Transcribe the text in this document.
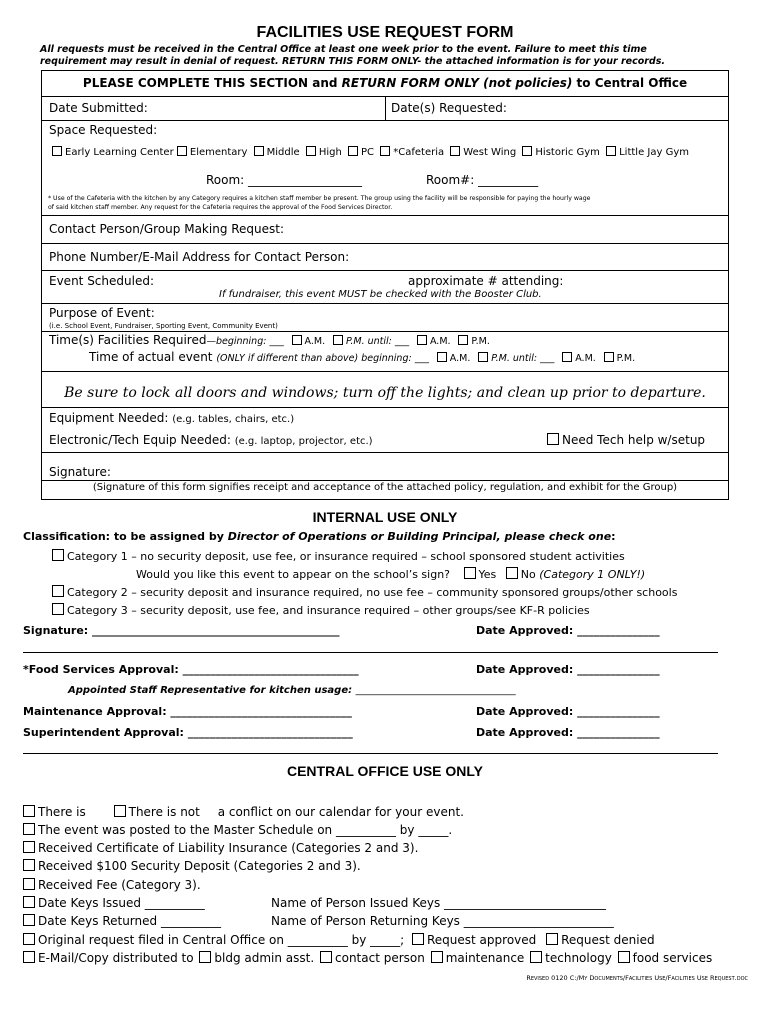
FACILITIES USE REQUEST FORM
All requests must be received in the Central Office at least one week prior to the event. Failure to meet this time
requirement may result in denial of request. RETURN THIS FORM ONLY- the attached information is for your records.
PLEASE COMPLETE THIS SECTION and RETURN FORM ONLY (not policies) to Central Office
Date Submitted:	Date(s) Requested:
Space Requested:
Early Learning Center Elementary Middle High PC *Cafeteria West Wing Historic Gym Little Jay Gym
Room: ___________________	Room#: __________
* Use of the Cafeteria with the kitchen by any Category requires a kitchen staff member be present. The group using the facility will be responsible for paying the hourly wage
of said kitchen staff member. Any request for the Cafeteria requires the approval of the Food Services Director.
Contact Person/Group Making Request:
Phone Number/E-Mail Address for Contact Person:
Event Scheduled:	approximate # attending:
If fundraiser, this event MUST be checked with the Booster Club.
Purpose of Event:
(i.e. School Event, Fundraiser, Sporting Event, Community Event)
Time(s) Facilities Required—beginning: ___ A.M. P.M. until: ___ A.M. P.M.
Time of actual event (ONLY if different than above) beginning: ___ A.M. P.M. until: ___ A.M. P.M.
Be sure to lock all doors and windows; turn off the lights; and clean up prior to departure.
Equipment Needed: (e.g. tables, chairs, etc.)
Electronic/Tech Equip Needed: (e.g. laptop, projector, etc.)	Need Tech help w/setup
Signature:
(Signature of this form signifies receipt and acceptance of the attached policy, regulation, and exhibit for the Group)
INTERNAL USE ONLY
Classification: to be assigned by Director of Operations or Building Principal, please check one:
Category 1 – no security deposit, use fee, or insurance required – school sponsored student activities
Would you like this event to appear on the school’s sign?	Yes No (Category 1 ONLY!)
Category 2 – security deposit and insurance required, no use fee – community sponsored groups/other schools
Category 3 – security deposit, use fee, and insurance required – other groups/see KF-R policies
Signature: _____________________________________________	Date Approved: _______________
*Food Services Approval: ________________________________	Date Approved: _______________
Appointed Staff Representative for kitchen usage: ________________________________
Maintenance Approval: _________________________________	Date Approved: _______________
Superintendent Approval: ______________________________	Date Approved: _______________
CENTRAL OFFICE USE ONLY
There is	There is not a conflict on our calendar for your event.
The event was posted to the Master Schedule on __________ by _____.
Received Certificate of Liability Insurance (Categories 2 and 3).
Received $100 Security Deposit (Categories 2 and 3).
Received Fee (Category 3).
Date Keys Issued __________	Name of Person Issued Keys ___________________________
Date Keys Returned __________	Name of Person Returning Keys _________________________
Original request filed in Central Office on __________ by _____; Request approved Request denied
E-Mail/Copy distributed to bldg admin asst. contact person maintenance technology food services
Revised 0120 C:/My Documents/Facilities Use/Facilities Use Request.doc
